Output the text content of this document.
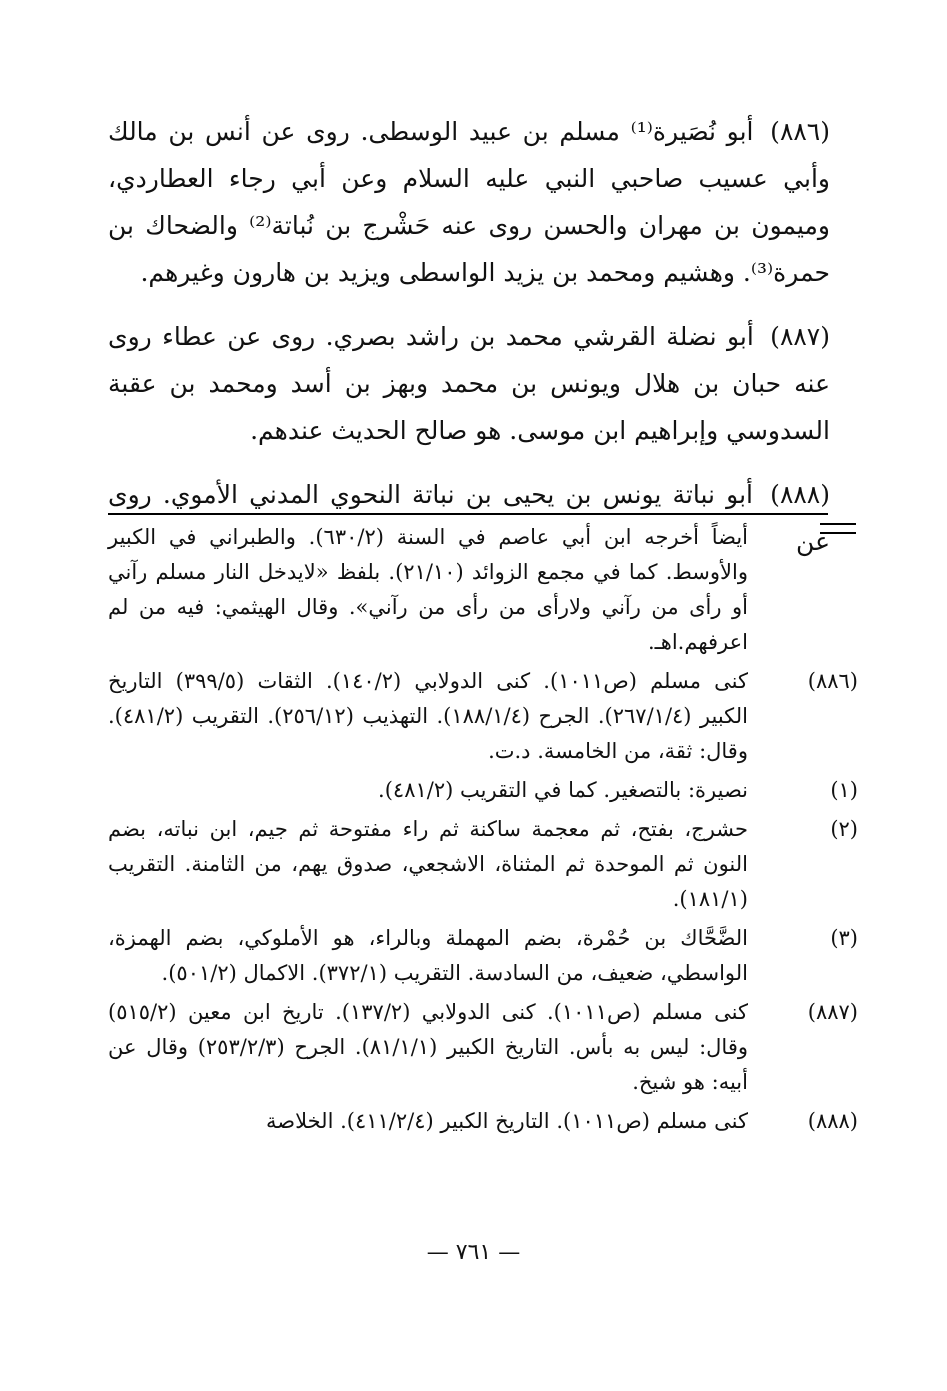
(٨٨٦) أبو نُصَيرة⁽¹⁾ مسلم بن عبيد الوسطى. روى عن أنس بن مالك وأبي عسيب صاحبي النبي عليه السلام وعن أبي رجاء العطاردي، وميمون بن مهران والحسن روى عنه حَشْرج بن نُباتة⁽²⁾ والضحاك بن حمرة⁽³⁾. وهشيم ومحمد بن يزيد الواسطى ويزيد بن هارون وغيرهم.

(٨٨٧) أبو نضلة القرشي محمد بن راشد بصري. روى عن عطاء روى عنه حبان بن هلال ويونس بن محمد وبهز بن أسد ومحمد بن عقبة السدوسي وإبراهيم ابن موسى. هو صالح الحديث عندهم.

(٨٨٨) أبو نباتة يونس بن يحيى بن نباتة النحوي المدني الأموي. روى عن

أيضاً أخرجه ابن أبي عاصم في السنة (٦٣٠/٢). والطبراني في الكبير والأوسط. كما في مجمع الزوائد (٢١/١٠). بلفظ «لايدخل النار مسلم رآني أو رأى من رآني ولارأى من رأى من رآني». وقال الهيثمي: فيه من لم اعرفهم.اهـ.
(٨٨٦)
كنى مسلم (ص١٠١١). كنى الدولابي (١٤٠/٢). الثقات (٣٩٩/٥) التاريخ الكبير (٢٦٧/١/٤). الجرح (١٨٨/١/٤). التهذيب (٢٥٦/١٢). التقريب (٤٨١/٢). وقال: ثقة، من الخامسة. د.ت.
(١)
نصيرة: بالتصغير. كما في التقريب (٤٨١/٢).
(٢)
حشرج، بفتح، ثم معجمة ساكنة ثم راء مفتوحة ثم جيم، ابن نباته، بضم النون ثم الموحدة ثم المثناة، الاشجعي، صدوق يهم، من الثامنة. التقريب (١٨١/١).
(٣)
الضَّحَّاك بن حُمْرة، بضم المهملة وبالراء، هو الأملوكي، بضم الهمزة، الواسطي، ضعيف، من السادسة. التقريب (٣٧٢/١). الاكمال (٥٠١/٢).
(٨٨٧)
كنى مسلم (ص١٠١١). كنى الدولابي (١٣٧/٢). تاريخ ابن معين (٥١٥/٢) وقال: ليس به بأس. التاريخ الكبير (٨١/١/١). الجرح (٢٥٣/٢/٣) وقال عن أبيه: هو شيخ.
(٨٨٨)
كنى مسلم (ص١٠١١). التاريخ الكبير (٤١١/٢/٤). الخلاصة
— ٧٦١ —
